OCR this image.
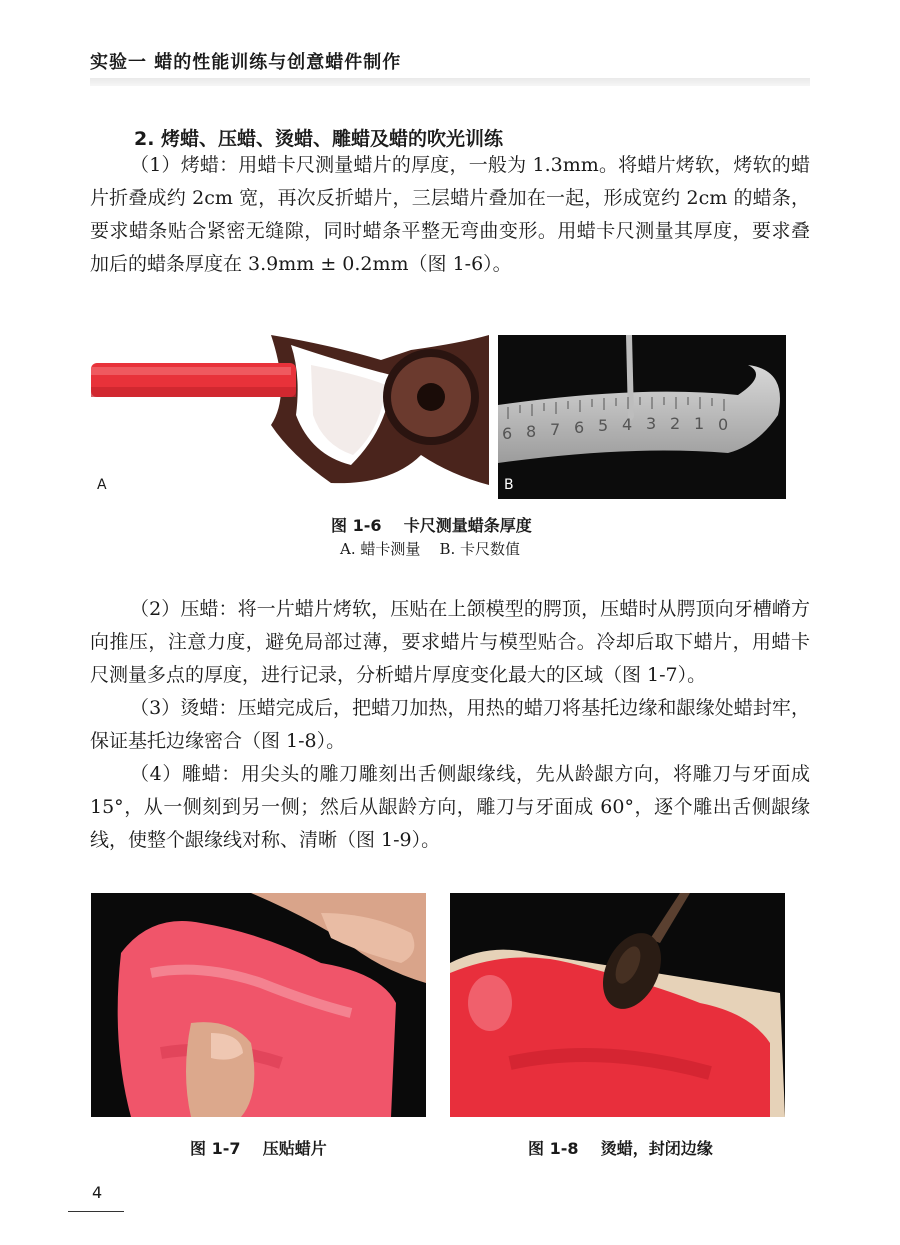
实验一 蜡的性能训练与创意蜡件制作
2. 烤蜡、压蜡、烫蜡、雕蜡及蜡的吹光训练

（1）烤蜡：用蜡卡尺测量蜡片的厚度，一般为 1.3mm。将蜡片烤软，烤软的蜡片折叠成约 2cm 宽，再次反折蜡片，三层蜡片叠加在一起，形成宽约 2cm 的蜡条，要求蜡条贴合紧密无缝隙，同时蜡条平整无弯曲变形。用蜡卡尺测量其厚度，要求叠加后的蜡条厚度在 3.9mm ± 0.2mm（图 1-6）。

A
6 8 7 6 5 4 3 2 1 0
B
图 1-6    卡尺测量蜡条厚度
A. 蜡卡测量    B. 卡尺数值

（2）压蜡：将一片蜡片烤软，压贴在上颌模型的腭顶，压蜡时从腭顶向牙槽嵴方向推压，注意力度，避免局部过薄，要求蜡片与模型贴合。冷却后取下蜡片，用蜡卡尺测量多点的厚度，进行记录，分析蜡片厚度变化最大的区域（图 1-7）。

（3）烫蜡：压蜡完成后，把蜡刀加热，用热的蜡刀将基托边缘和龈缘处蜡封牢，保证基托边缘密合（图 1-8）。

（4）雕蜡：用尖头的雕刀雕刻出舌侧龈缘线，先从龄龈方向，将雕刀与牙面成 15°，从一侧刻到另一侧；然后从龈龄方向，雕刀与牙面成 60°，逐个雕出舌侧龈缘线，使整个龈缘线对称、清晰（图 1-9）。

图 1-7    压贴蜡片	图 1-8    烫蜡，封闭边缘
4
